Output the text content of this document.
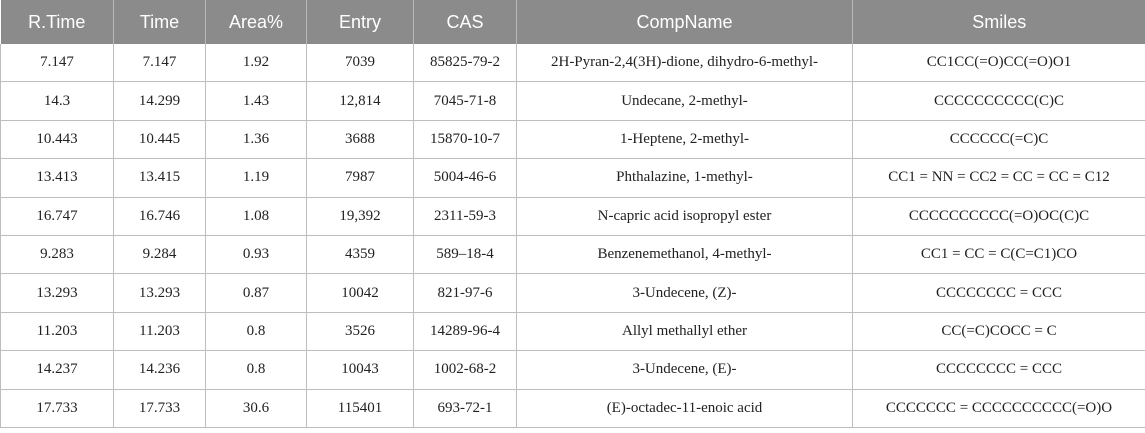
R.Time	Time	Area%	Entry	CAS	CompName	Smiles
7.147	7.147	1.92	7039	85825-79-2	2H-Pyran-2,4(3H)-dione, dihydro-6-methyl-	CC1CC(=O)CC(=O)O1
14.3	14.299	1.43	12,814	7045-71-8	Undecane, 2-methyl-	CCCCCCCCCC(C)C
10.443	10.445	1.36	3688	15870-10-7	1-Heptene, 2-methyl-	CCCCCC(=C)C
13.413	13.415	1.19	7987	5004-46-6	Phthalazine, 1-methyl-	CC1 = NN = CC2 = CC = CC = C12
16.747	16.746	1.08	19,392	2311-59-3	N-capric acid isopropyl ester	CCCCCCCCCC(=O)OC(C)C
9.283	9.284	0.93	4359	589–18-4	Benzenemethanol, 4-methyl-	CC1 = CC = C(C=C1)CO
13.293	13.293	0.87	10042	821-97-6	3-Undecene, (Z)-	CCCCCCCC = CCC
11.203	11.203	0.8	3526	14289-96-4	Allyl methallyl ether	CC(=C)COCC = C
14.237	14.236	0.8	10043	1002-68-2	3-Undecene, (E)-	CCCCCCCC = CCC
17.733	17.733	30.6	115401	693-72-1	(E)-octadec-11-enoic acid	CCCCCCC = CCCCCCCCCC(=O)O
